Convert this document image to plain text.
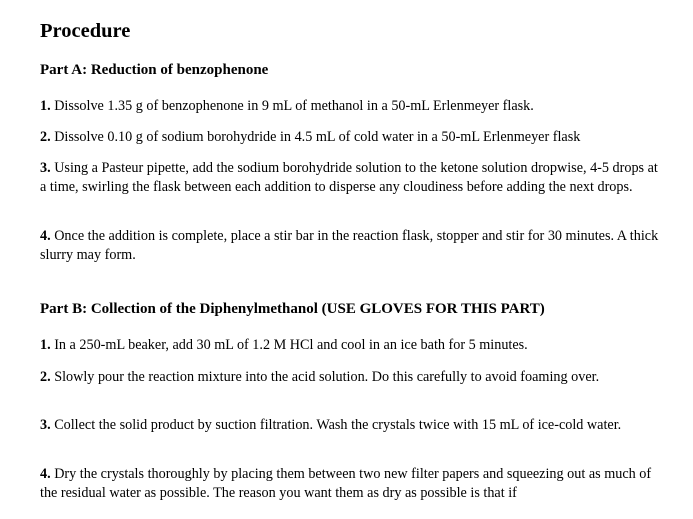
Procedure
Part A: Reduction of benzophenone

1. Dissolve 1.35 g of benzophenone in 9 mL of methanol in a 50-mL Erlenmeyer flask.

2. Dissolve 0.10 g of sodium borohydride in 4.5 mL of cold water in a 50-mL Erlenmeyer flask

3. Using a Pasteur pipette, add the sodium borohydride solution to the ketone solution dropwise, 4-5 drops at a time, swirling the flask between each addition to disperse any cloudiness before adding the next drops.

4. Once the addition is complete, place a stir bar in the reaction flask, stopper and stir for 30 minutes. A thick slurry may form.

Part B: Collection of the Diphenylmethanol (USE GLOVES FOR THIS PART)

1. In a 250-mL beaker, add 30 mL of 1.2 M HCl and cool in an ice bath for 5 minutes.

2. Slowly pour the reaction mixture into the acid solution. Do this carefully to avoid foaming over.

3. Collect the solid product by suction filtration. Wash the crystals twice with 15 mL of ice-cold water.

4. Dry the crystals thoroughly by placing them between two new filter papers and squeezing out as much of the residual water as possible. The reason you want them as dry as possible is that if
